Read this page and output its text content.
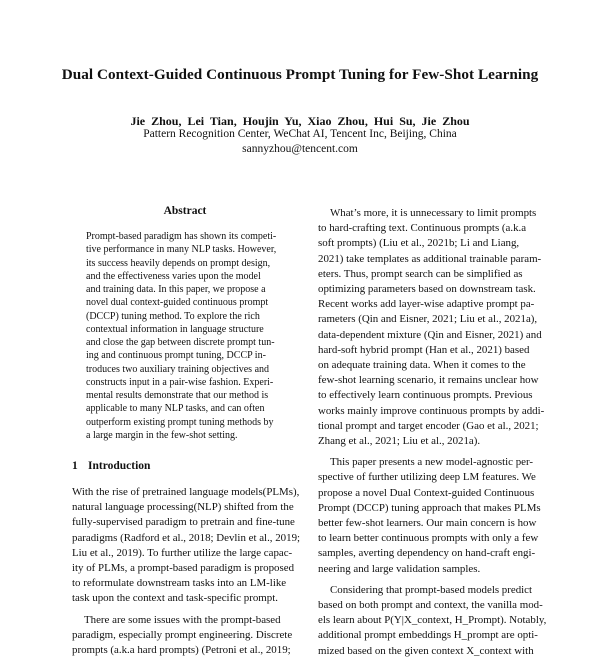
Dual Context-Guided Continuous Prompt Tuning for Few-Shot Learning
Jie Zhou, Lei Tian, Houjin Yu, Xiao Zhou, Hui Su, Jie Zhou
Pattern Recognition Center, WeChat AI, Tencent Inc, Beijing, China
sannyzhou@tencent.com
Abstract
Prompt-based paradigm has shown its competi-
tive performance in many NLP tasks. However,
its success heavily depends on prompt design,
and the effectiveness varies upon the model
and training data. In this paper, we propose a
novel dual context-guided continuous prompt
(DCCP) tuning method. To explore the rich
contextual information in language structure
and close the gap between discrete prompt tun-
ing and continuous prompt tuning, DCCP in-
troduces two auxiliary training objectives and
constructs input in a pair-wise fashion. Experi-
mental results demonstrate that our method is
applicable to many NLP tasks, and can often
outperform existing prompt tuning methods by
a large margin in the few-shot setting.
1 Introduction
With the rise of pretrained language models(PLMs),
natural language processing(NLP) shifted from the
fully-supervised paradigm to pretrain and fine-tune
paradigms (Radford et al., 2018; Devlin et al., 2019;
Liu et al., 2019). To further utilize the large capac-
ity of PLMs, a prompt-based paradigm is proposed
to reformulate downstream tasks into an LM-like
task upon the context and task-specific prompt.
There are some issues with the prompt-based
paradigm, especially prompt engineering. Discrete
prompts (a.k.a hard prompts) (Petroni et al., 2019;
What’s more, it is unnecessary to limit prompts
to hard-crafting text. Continuous prompts (a.k.a
soft prompts) (Liu et al., 2021b; Li and Liang,
2021) take templates as additional trainable param-
eters. Thus, prompt search can be simplified as
optimizing parameters based on downstream task.
Recent works add layer-wise adaptive prompt pa-
rameters (Qin and Eisner, 2021; Liu et al., 2021a),
data-dependent mixture (Qin and Eisner, 2021) and
hard-soft hybrid prompt (Han et al., 2021) based
on adequate training data. When it comes to the
few-shot learning scenario, it remains unclear how
to effectively learn continuous prompts. Previous
works mainly improve continuous prompts by addi-
tional prompt and target encoder (Gao et al., 2021;
Zhang et al., 2021; Liu et al., 2021a).
This paper presents a new model-agnostic per-
spective of further utilizing deep LM features. We
propose a novel Dual Context-guided Continuous
Prompt (DCCP) tuning approach that makes PLMs
better few-shot learners. Our main concern is how
to learn better continuous prompts with only a few
samples, averting dependency on hand-craft engi-
neering and large validation samples.
Considering that prompt-based models predict
based on both prompt and context, the vanilla mod-
els learn about P(Y|X_context, H_Prompt). Notably,
additional prompt embeddings H_prompt are opti-
mized based on the given context X_context with
